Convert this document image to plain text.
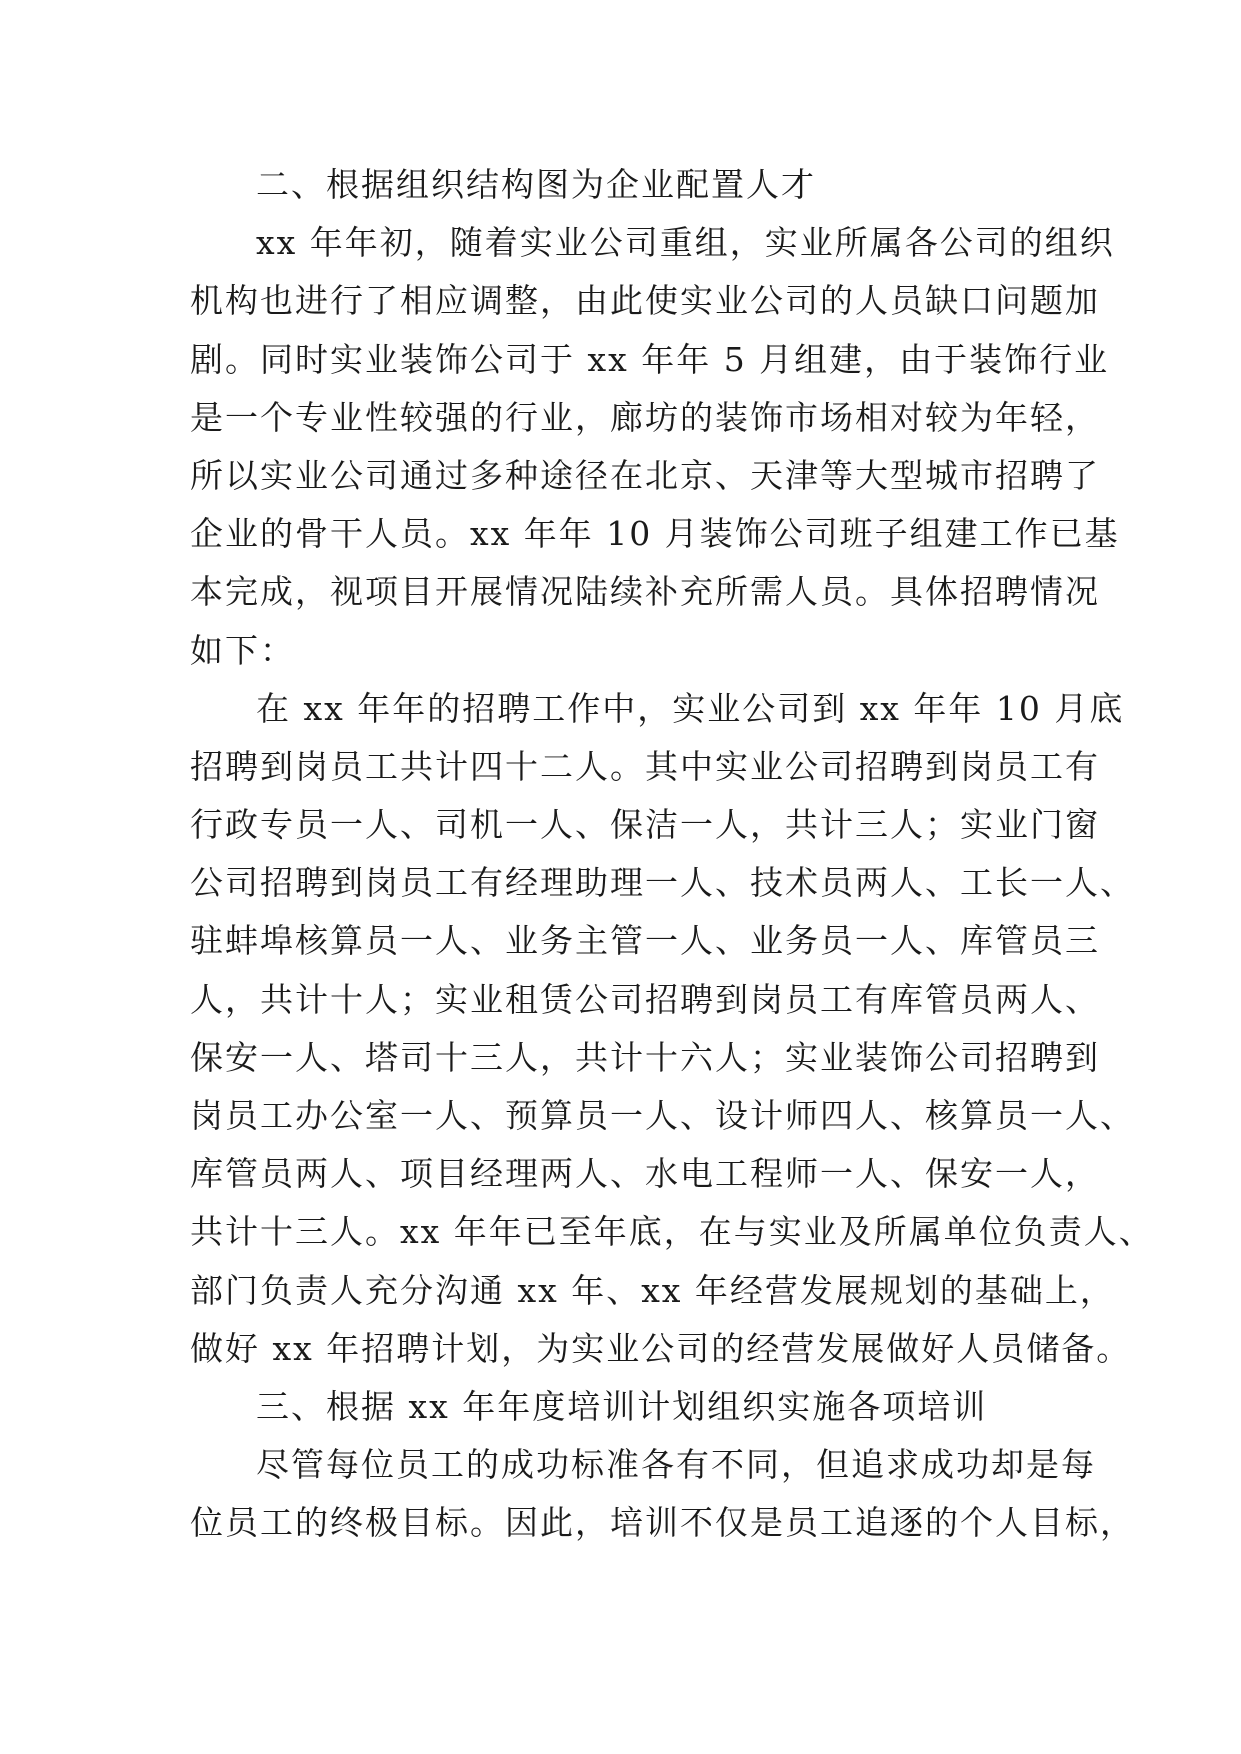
二、根据组织结构图为企业配置人才
xx 年年初，随着实业公司重组，实业所属各公司的组织
机构也进行了相应调整，由此使实业公司的人员缺口问题加
剧。同时实业装饰公司于 xx 年年 5 月组建，由于装饰行业
是一个专业性较强的行业，廊坊的装饰市场相对较为年轻，
所以实业公司通过多种途径在北京、天津等大型城市招聘了
企业的骨干人员。xx 年年 10 月装饰公司班子组建工作已基
本完成，视项目开展情况陆续补充所需人员。具体招聘情况
如下：
在 xx 年年的招聘工作中，实业公司到 xx 年年 10 月底
招聘到岗员工共计四十二人。其中实业公司招聘到岗员工有
行政专员一人、司机一人、保洁一人，共计三人；实业门窗
公司招聘到岗员工有经理助理一人、技术员两人、工长一人、
驻蚌埠核算员一人、业务主管一人、业务员一人、库管员三
人，共计十人；实业租赁公司招聘到岗员工有库管员两人、
保安一人、塔司十三人，共计十六人；实业装饰公司招聘到
岗员工办公室一人、预算员一人、设计师四人、核算员一人、
库管员两人、项目经理两人、水电工程师一人、保安一人，
共计十三人。xx 年年已至年底，在与实业及所属单位负责人、
部门负责人充分沟通 xx 年、xx 年经营发展规划的基础上，
做好 xx 年招聘计划，为实业公司的经营发展做好人员储备。
三、根据 xx 年年度培训计划组织实施各项培训
尽管每位员工的成功标准各有不同，但追求成功却是每
位员工的终极目标。因此，培训不仅是员工追逐的个人目标，
